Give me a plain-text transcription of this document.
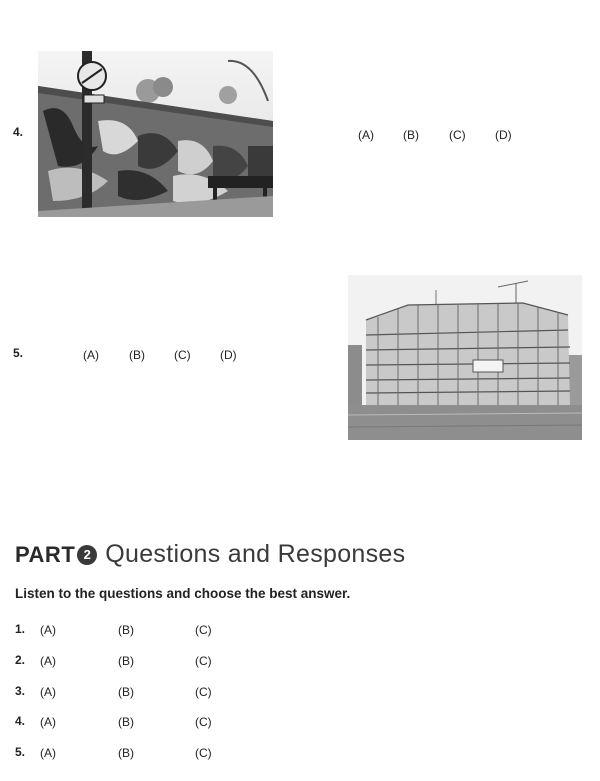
4.	(A) (B)	(C) (D)
5.	(A)	(B) (C) (D)
PART 2 Questions and Responses
Listen to the questions and choose the best answer.
1. (A)	(B)	(C)
2. (A)	(B)	(C)
3. (A)	(B)	(C)
4. (A)	(B)	(C)
5. (A)	(B)	(C)
